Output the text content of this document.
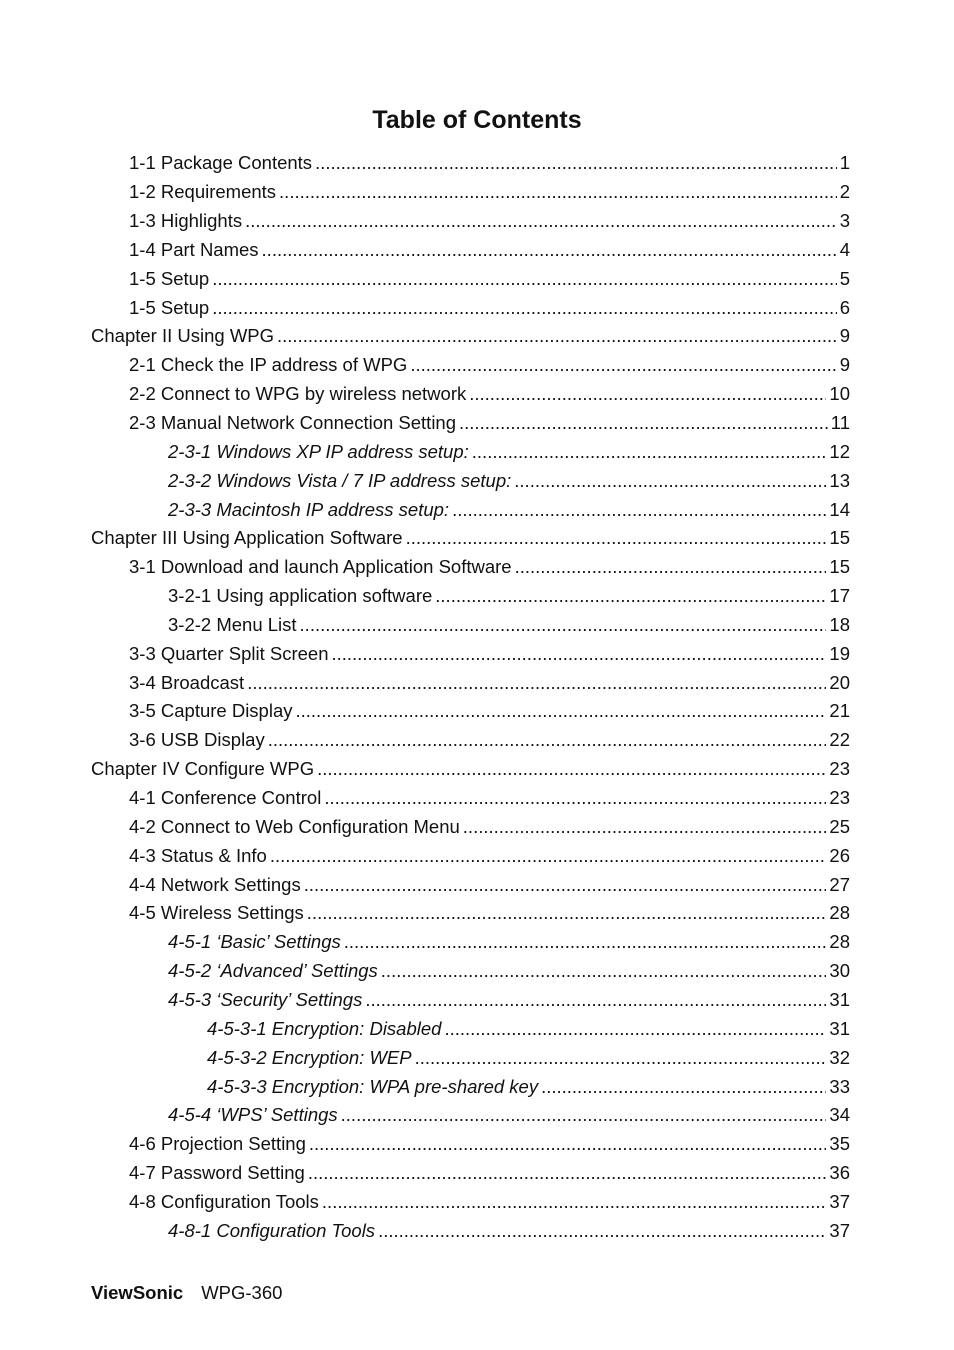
Table of Contents
1-1 Package Contents .....	1
1-2 Requirements .....	2
1-3 Highlights .....	3
1-4 Part Names .....	4
1-5 Setup .....	5
1-5 Setup .....	6
Chapter II Using WPG .....	9
2-1 Check the IP address of WPG .....	9
2-2 Connect to WPG by wireless network .....	10
2-3 Manual Network Connection Setting .....	11
2-3-1 Windows XP IP address setup: .....	12
2-3-2 Windows Vista / 7 IP address setup: .....	13
2-3-3 Macintosh IP address setup: .....	14
Chapter III Using Application Software .....	15
3-1 Download and launch Application Software .....	15
3-2-1 Using application software .....	17
3-2-2 Menu List .....	18
3-3 Quarter Split Screen .....	19
3-4 Broadcast .....	20
3-5 Capture Display .....	21
3-6 USB Display .....	22
Chapter IV Configure WPG .....	23
4-1 Conference Control .....	23
4-2 Connect to Web Configuration Menu .....	25
4-3 Status & Info .....	26
4-4 Network Settings .....	27
4-5 Wireless Settings .....	28
4-5-1 ‘Basic’ Settings .....	28
4-5-2 ‘Advanced’ Settings .....	30
4-5-3 ‘Security’ Settings .....	31
4-5-3-1 Encryption: Disabled .....	31
4-5-3-2 Encryption: WEP .....	32
4-5-3-3 Encryption: WPA pre-shared key .....	33
4-5-4 ‘WPS’ Settings .....	34
4-6 Projection Setting .....	35
4-7 Password Setting .....	36
4-8 Configuration Tools .....	37
4-8-1 Configuration Tools .....	37
ViewSonic WPG-360
